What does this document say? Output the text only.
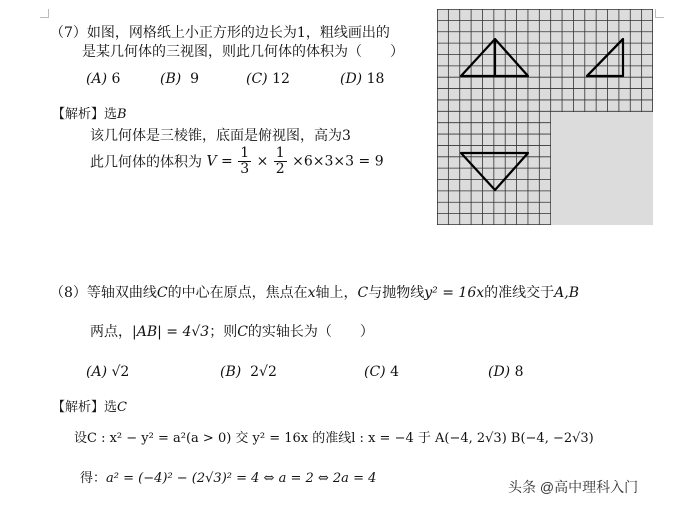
（7）如图，网格纸上小正方形的边长为1，粗线画出的
是某几何体的三视图，则此几何体的体积为（　　）
(A) 6	(B) 9	(C) 12	(D) 18
【解析】选B
该几何体是三棱锥，底面是俯视图，高为3
此几何体的体积为 $V = \frac{1}{3} \times \frac{1}{2} \times 6\times 3\times 3 = 9$
（8）等轴双曲线C的中心在原点，焦点在x轴上，C与抛物线y² = 16x的准线交于A,B
两点，|AB| = 4√3；则C的实轴长为（　　）
(A) √2	(B) 2√2	(C) 4	(D) 8
【解析】选C
设C : x² − y² = a²(a > 0) 交 y² = 16x 的准线l : x = −4 于 A(−4, 2√3) B(−4, −2√3)
得：a² = (−4)² − (2√3)² = 4 ⇔ a = 2 ⇔ 2a = 4
头条 @高中理科入门
